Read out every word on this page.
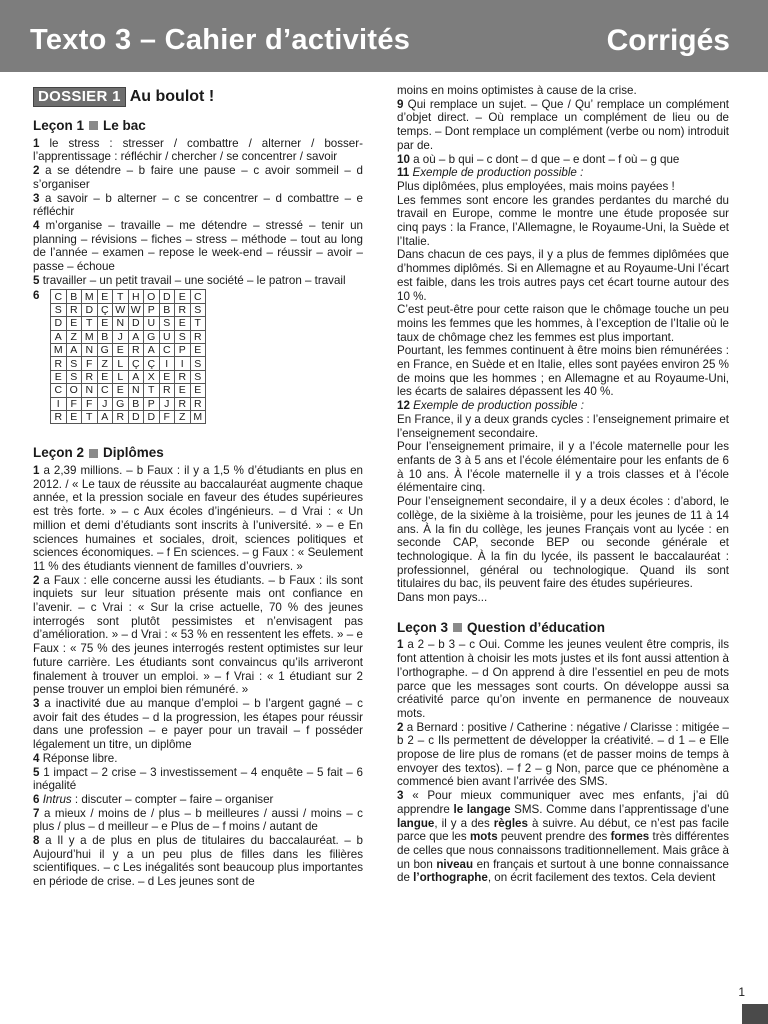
Texto 3 – Cahier d’activités	Corrigés
DOSSIER 1 Au boulot !
Leçon 1 Le bac

1 le stress : stresser / combattre / alterner / bosser- l’apprentissage : réfléchir / chercher / se concentrer / savoir

2 a se détendre – b faire une pause – c avoir sommeil – d s’organiser

3 a savoir – b alterner – c se concentrer – d combattre – e réfléchir

4 m’organise – travaille – me détendre – stressé – tenir un planning – révisions – fiches – stress – méthode – tout au long de l’année – examen – repose le week-end – réussir – avoir – passe – échoue

5 travailler – un petit travail – une société – le patron – travail

6	C	B	M	E	T	H	O	D	E	C
S	R	D	Ç	W	W	P	B	R	S
D	E	T	E	N	D	U	S	E	T
A	Z	M	B	J	A	G	U	S	R
M	A	N	G	E	R	A	C	P	E
R	S	F	Z	L	Ç	Ç	I	I	S
E	S	R	E	L	A	X	E	R	S
C	O	N	C	E	N	T	R	E	E
I	F	F	J	G	B	P	J	R	R
R	E	T	A	R	D	D	F	Z	M
Leçon 2 Diplômes

1 a 2,39 millions. – b Faux : il y a 1,5 % d’étudiants en plus en 2012. / « Le taux de réussite au baccalauréat augmente chaque année, et la pression sociale en faveur des études supérieures est très forte. » – c Aux écoles d’ingénieurs. – d Vrai : « Un million et demi d’étudiants sont inscrits à l’université. » – e En sciences humaines et sociales, droit, sciences politiques et sciences économiques. – f En sciences. – g Faux : « Seulement 11 % des étudiants viennent de familles d’ouvriers. »

2 a Faux : elle concerne aussi les étudiants. – b Faux : ils sont inquiets sur leur situation présente mais ont confiance en l’avenir. – c Vrai : « Sur la crise actuelle, 70 % des jeunes interrogés sont plutôt pessimistes et n’envisagent pas d’amélioration. » – d Vrai : « 53 % en ressentent les effets. » – e Faux : « 75 % des jeunes interrogés restent optimistes sur leur future carrière. Les étudiants sont convaincus qu’ils arriveront finalement à trouver un emploi. » – f Vrai : « 1 étudiant sur 2 pense trouver un emploi bien rémunéré. »

3 a inactivité due au manque d’emploi – b l’argent gagné – c avoir fait des études – d la progression, les étapes pour réussir dans une profession – e payer pour un travail – f posséder légalement un titre, un diplôme

4 Réponse libre.

5 1 impact – 2 crise – 3 investissement – 4 enquête – 5 fait – 6 inégalité

6 Intrus : discuter – compter – faire – organiser

7 a mieux / moins de / plus – b meilleures / aussi / moins – c plus / plus – d meilleur – e Plus de – f moins / autant de

8 a Il y a de plus en plus de titulaires du baccalauréat. – b Aujourd’hui il y a un peu plus de filles dans les filières scientifiques. – c Les inégalités sont beaucoup plus importantes en période de crise. – d Les jeunes sont de

moins en moins optimistes à cause de la crise.

9 Qui remplace un sujet. – Que / Qu’ remplace un complément d’objet direct. – Où remplace un complément de lieu ou de temps. – Dont remplace un complément (verbe ou nom) introduit par de.

10 a où – b qui – c dont – d que – e dont – f où – g que

11 Exemple de production possible :

Plus diplômées, plus employées, mais moins payées !

Les femmes sont encore les grandes perdantes du marché du travail en Europe, comme le montre une étude proposée sur cinq pays : la France, l’Allemagne, le Royaume-Uni, la Suède et l’Italie.

Dans chacun de ces pays, il y a plus de femmes diplômées que d’hommes diplômés. Si en Allemagne et au Royaume-Uni l’écart est faible, dans les trois autres pays cet écart tourne autour des 10 %.

C’est peut-être pour cette raison que le chômage touche un peu moins les femmes que les hommes, à l’exception de l’Italie où le taux de chômage chez les femmes est plus important.

Pourtant, les femmes continuent à être moins bien rémunérées : en France, en Suède et en Italie, elles sont payées environ 25 % de moins que les hommes ; en Allemagne et au Royaume-Uni, les écarts de salaires dépassent les 40 %.

12 Exemple de production possible :

En France, il y a deux grands cycles : l’enseignement primaire et l’enseignement secondaire.

Pour l’enseignement primaire, il y a l’école maternelle pour les enfants de 3 à 5 ans et l’école élémentaire pour les enfants de 6 à 10 ans. À l’école maternelle il y a trois classes et à l’école élémentaire cinq.

Pour l’enseignement secondaire, il y a deux écoles : d’abord, le collège, de la sixième à la troisième, pour les jeunes de 11 à 14 ans. À la fin du collège, les jeunes Français vont au lycée : en seconde CAP, seconde BEP ou seconde générale et technologique. À la fin du lycée, ils passent le baccalauréat : professionnel, général ou technologique. Quand ils sont titulaires du bac, ils peuvent faire des études supérieures.

Dans mon pays...

Leçon 3 Question d’éducation

1 a 2 – b 3 – c Oui. Comme les jeunes veulent être compris, ils font attention à choisir les mots justes et ils font aussi attention à l’orthographe. – d On apprend à dire l’essentiel en peu de mots parce que les messages sont courts. On développe aussi sa créativité parce qu’on invente en permanence de nouveaux mots.

2 a Bernard : positive / Catherine : négative / Clarisse : mitigée – b 2 – c Ils permettent de développer la créativité. – d 1 – e Elle propose de lire plus de romans (et de passer moins de temps à envoyer des textos). – f 2 – g Non, parce que ce phénomène a commencé bien avant l’arrivée des SMS.

3 « Pour mieux communiquer avec mes enfants, j’ai dû apprendre le langage SMS. Comme dans l’apprentissage d’une langue, il y a des règles à suivre. Au début, ce n’est pas facile parce que les mots peuvent prendre des formes très différentes de celles que nous connaissons traditionnellement. Mais grâce à un bon niveau en français et surtout à une bonne connaissance de l’orthographe, on écrit facilement des textos. Cela devient

1
